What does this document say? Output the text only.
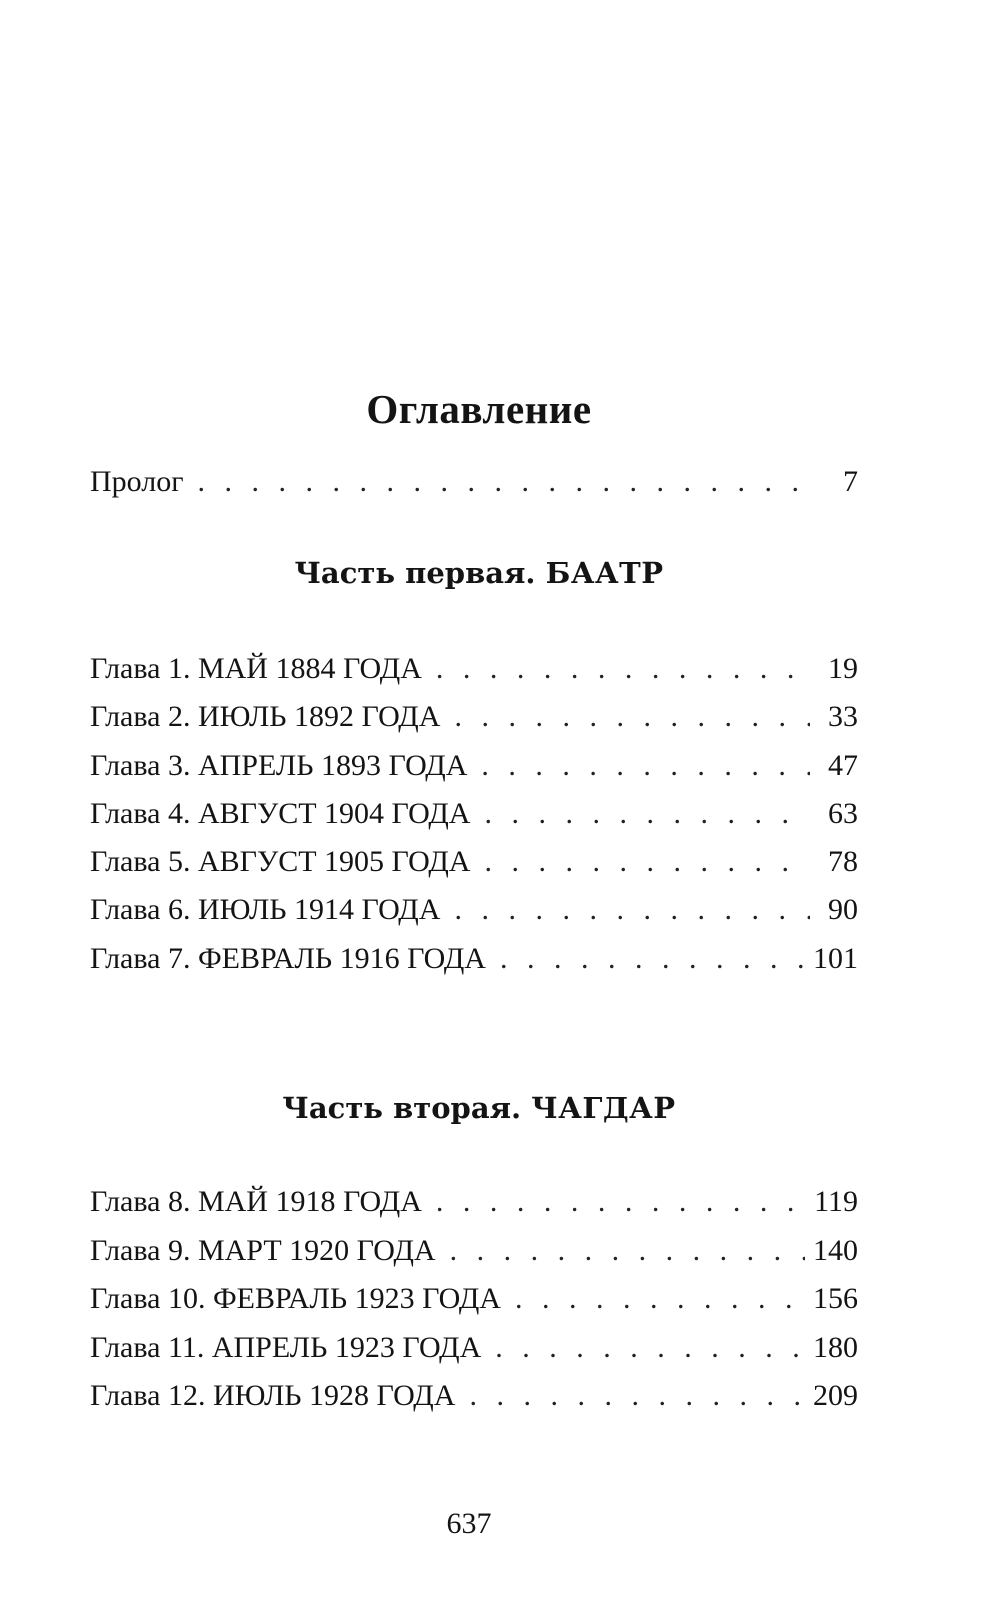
Оглавление
Пролог . . .	7
Часть первая. БААТР
Глава 1. МАЙ 1884 ГОДА . . .	19
Глава 2. ИЮЛЬ 1892 ГОДА . . .	33
Глава 3. АПРЕЛЬ 1893 ГОДА . . .	47
Глава 4. АВГУСТ 1904 ГОДА . . .	63
Глава 5. АВГУСТ 1905 ГОДА . . .	78
Глава 6. ИЮЛЬ 1914 ГОДА . . .	90
Глава 7. ФЕВРАЛЬ 1916 ГОДА . . .	101
Часть вторая. ЧАГДАР
Глава 8. МАЙ 1918 ГОДА . . .	119
Глава 9. МАРТ 1920 ГОДА . . .	140
Глава 10. ФЕВРАЛЬ 1923 ГОДА . . .	156
Глава 11. АПРЕЛЬ 1923 ГОДА . . .	180
Глава 12. ИЮЛЬ 1928 ГОДА . . .	209
637
